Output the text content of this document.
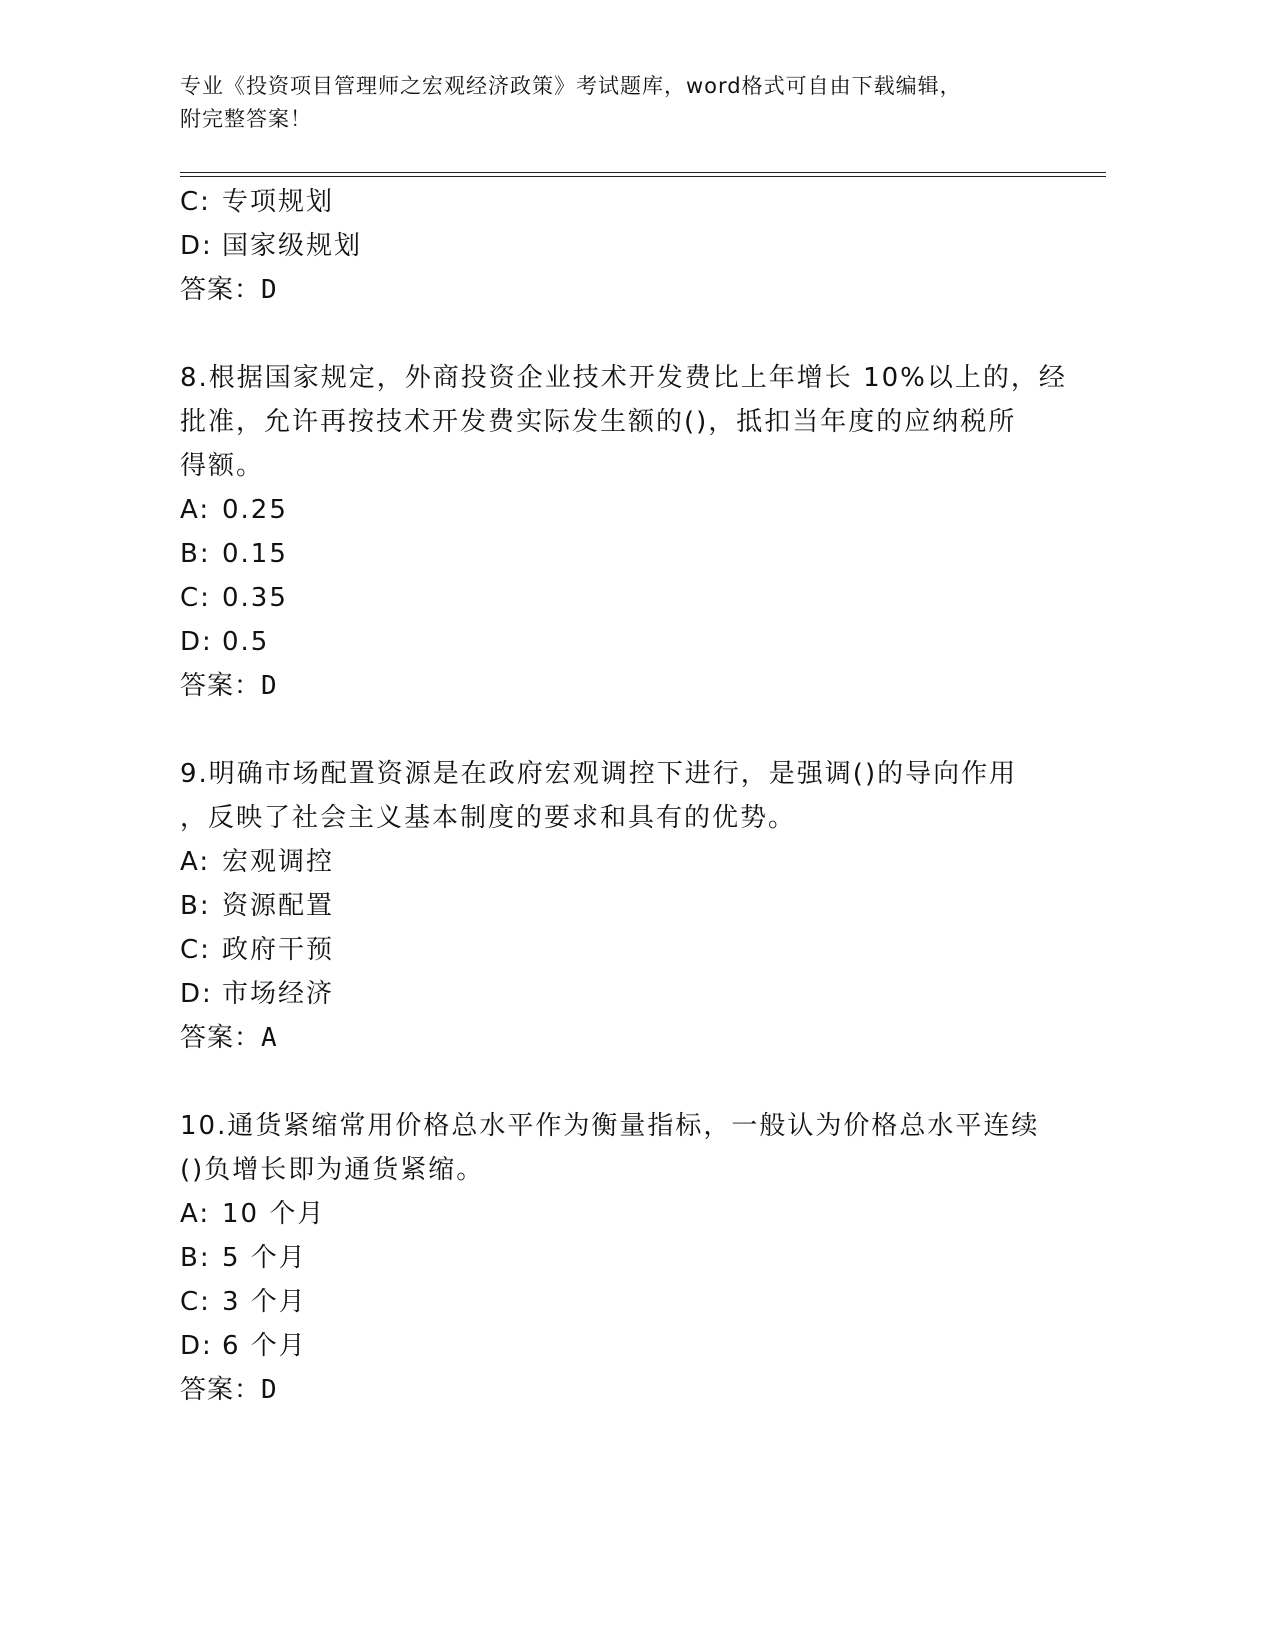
专业《投资项目管理师之宏观经济政策》考试题库，word格式可自由下载编辑，
附完整答案！
C: 专项规划
D: 国家级规划
答案：D
8.根据国家规定，外商投资企业技术开发费比上年增长 10%以上的，经
批准，允许再按技术开发费实际发生额的()，抵扣当年度的应纳税所
得额。
A: 0.25
B: 0.15
C: 0.35
D: 0.5
答案：D
9.明确市场配置资源是在政府宏观调控下进行，是强调()的导向作用
，反映了社会主义基本制度的要求和具有的优势。
A: 宏观调控
B: 资源配置
C: 政府干预
D: 市场经济
答案：A
10.通货紧缩常用价格总水平作为衡量指标，一般认为价格总水平连续
()负增长即为通货紧缩。
A: 10 个月
B: 5 个月
C: 3 个月
D: 6 个月
答案：D
